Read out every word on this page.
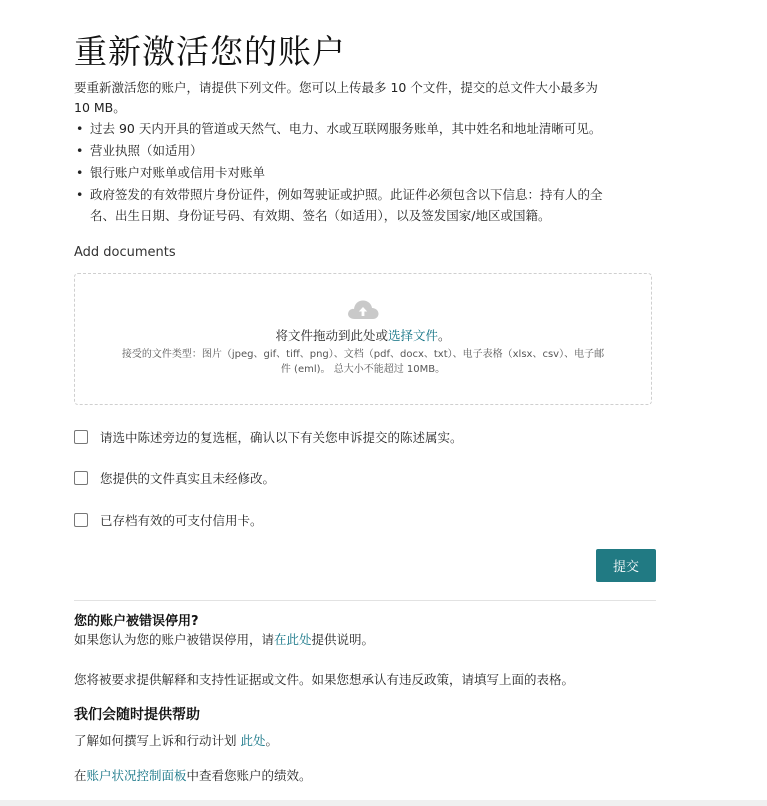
重新激活您的账户
要重新激活您的账户，请提供下列文件。您可以上传最多 10 个文件，提交的总文件大小最多为
10 MB。
• 过去 90 天内开具的管道或天然气、电力、水或互联网服务账单，其中姓名和地址清晰可见。
• 营业执照（如适用）
• 银行账户对账单或信用卡对账单
• 政府签发的有效带照片身份证件，例如驾驶证或护照。此证件必须包含以下信息：持有人的全
名、出生日期、身份证号码、有效期、签名（如适用），以及签发国家/地区或国籍。
Add documents
将文件拖动到此处或选择文件。
接受的文件类型：图片（jpeg、gif、tiff、png）、文档（pdf、docx、txt）、电子表格（xlsx、csv）、电子邮
件 (eml)。 总大小不能超过 10MB。
请选中陈述旁边的复选框，确认以下有关您申诉提交的陈述属实。
您提供的文件真实且未经修改。
已存档有效的可支付信用卡。
提交
您的账户被错误停用?
如果您认为您的账户被错误停用，请在此处提供说明。
您将被要求提供解释和支持性证据或文件。如果您想承认有违反政策，请填写上面的表格。
我们会随时提供帮助
了解如何撰写上诉和行动计划 此处。
在账户状况控制面板中查看您账户的绩效。
